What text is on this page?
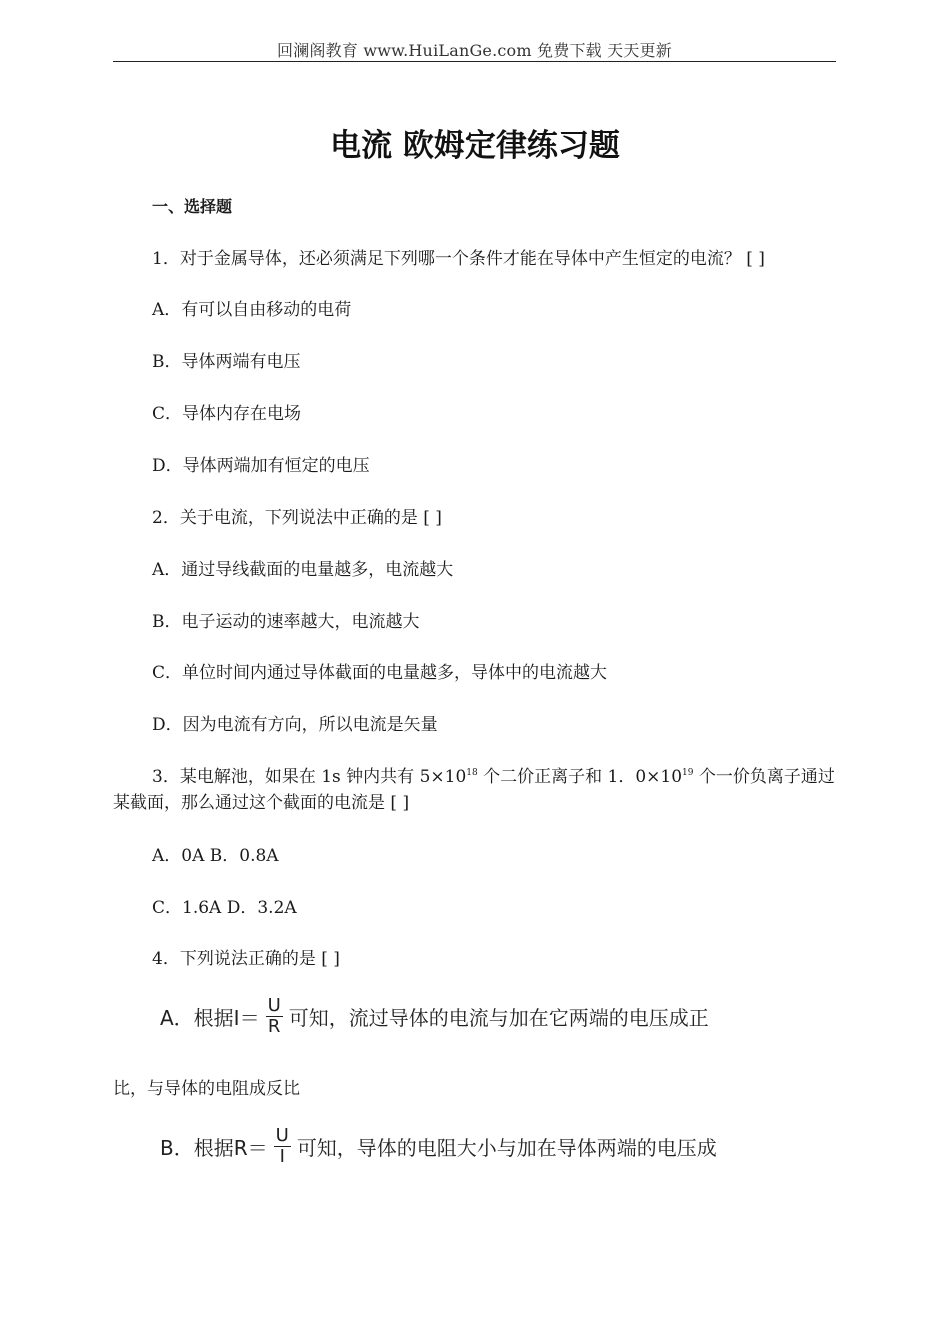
回澜阁教育 www.HuiLanGe.com 免费下载 天天更新
电流 欧姆定律练习题
一、选择题
1．对于金属导体，还必须满足下列哪一个条件才能在导体中产生恒定的电流？ [ ]
A．有可以自由移动的电荷
B．导体两端有电压
C．导体内存在电场
D．导体两端加有恒定的电压
2．关于电流，下列说法中正确的是 [ ]
A．通过导线截面的电量越多，电流越大
B．电子运动的速率越大，电流越大
C．单位时间内通过导体截面的电量越多，导体中的电流越大
D．因为电流有方向，所以电流是矢量
3．某电解池，如果在 1s 钟内共有 $5\times 10^{18}$ 个二价正离子和 1．$0\times 10^{19}$ 个一价负离子通过某截面，那么通过这个截面的电流是 [ ]
A．0A B．0.8A
C．1.6A D．3.2A
4．下列说法正确的是 [ ]
A．根据$I= \frac{U}{R}$ 可知，流过导体的电流与加在它两端的电压成正
比，与导体的电阻成反比
B．根据$R= \frac{U}{I}$ 可知，导体的电阻大小与加在导体两端的电压成
